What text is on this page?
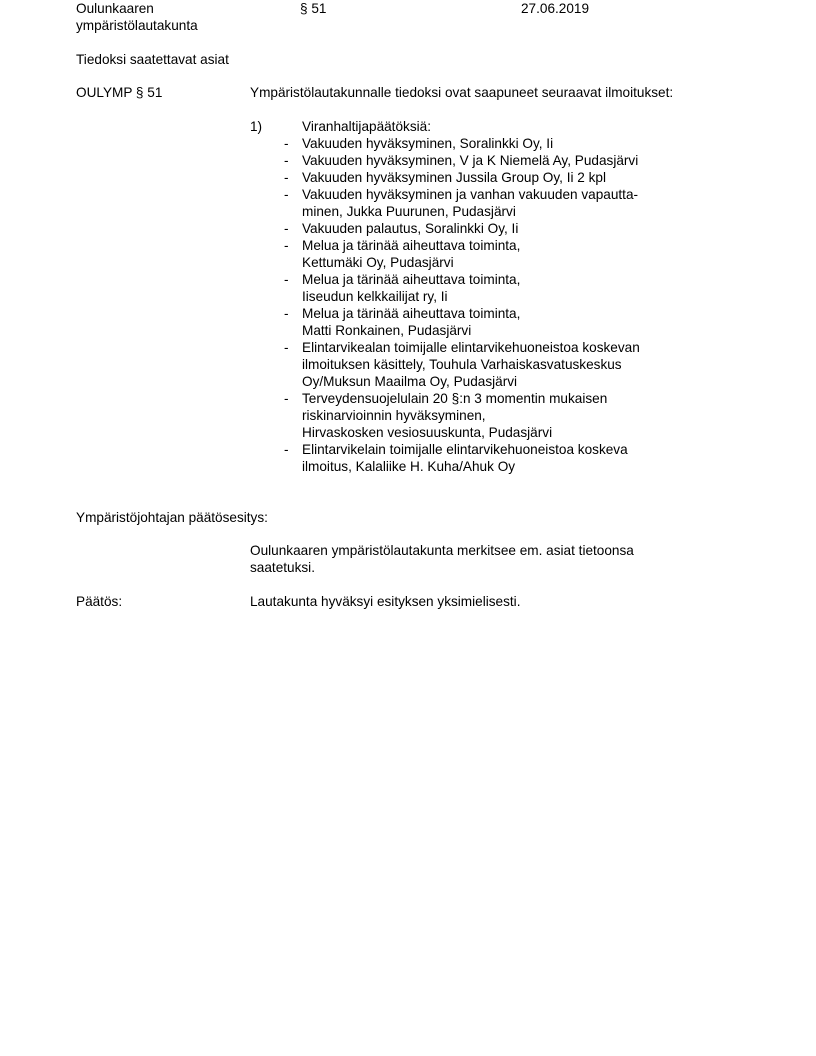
Oulunkaaren
ympäristölautakunta
§ 51	27.06.2019
Tiedoksi saatettavat asiat
OULYMP § 51	Ympäristölautakunnalle tiedoksi ovat saapuneet seuraavat ilmoitukset:
1)	Viranhaltijapäätöksiä:
- Vakuuden hyväksyminen, Soralinkki Oy, Ii
- Vakuuden hyväksyminen, V ja K Niemelä Ay, Pudasjärvi
- Vakuuden hyväksyminen Jussila Group Oy, Ii 2 kpl
- Vakuuden hyväksyminen ja vanhan vakuuden vapautta-
minen, Jukka Puurunen, Pudasjärvi
- Vakuuden palautus, Soralinkki Oy, Ii
- Melua ja tärinää aiheuttava toiminta,
Kettumäki Oy, Pudasjärvi
- Melua ja tärinää aiheuttava toiminta,
Iiseudun kelkkailijat ry, Ii
- Melua ja tärinää aiheuttava toiminta,
Matti Ronkainen, Pudasjärvi
- Elintarvikealan toimijalle elintarvikehuoneistoa koskevan
ilmoituksen käsittely, Touhula Varhaiskasvatuskeskus
Oy/Muksun Maailma Oy, Pudasjärvi
- Terveydensuojelulain 20 §:n 3 momentin mukaisen
riskinarvioinnin hyväksyminen,
Hirvaskosken vesiosuuskunta, Pudasjärvi
- Elintarvikelain toimijalle elintarvikehuoneistoa koskeva
ilmoitus, Kalaliike H. Kuha/Ahuk Oy
Ympäristöjohtajan päätösesitys:
Oulunkaaren ympäristölautakunta merkitsee em. asiat tietoonsa
saatetuksi.
Päätös:	Lautakunta hyväksyi esityksen yksimielisesti.
